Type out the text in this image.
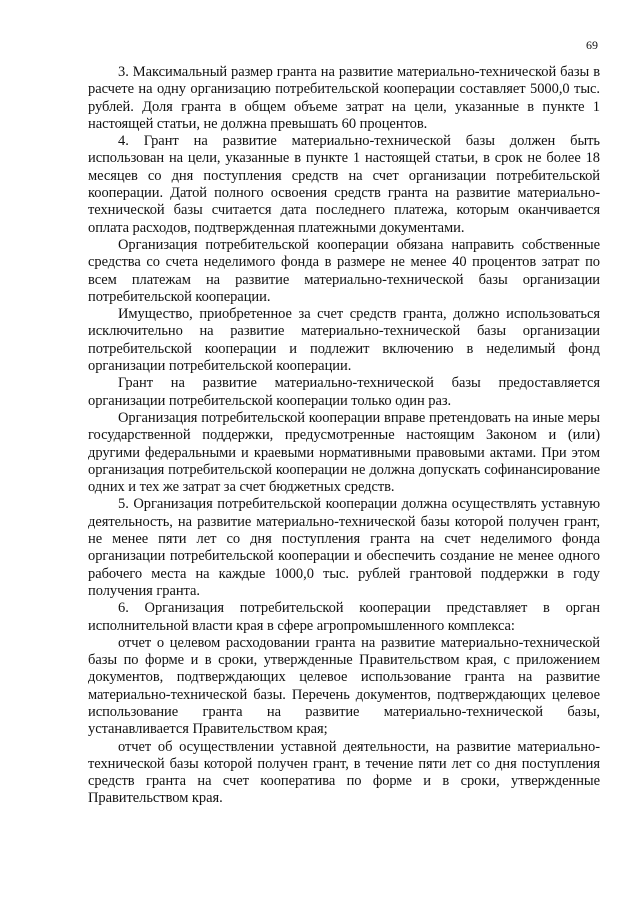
69

3. Максимальный размер гранта на развитие материально-технической базы в расчете на одну организацию потребительской кооперации составляет 5000,0 тыс. рублей. Доля гранта в общем объеме затрат на цели, указанные в пункте 1 настоящей статьи, не должна превышать 60 процентов.

4. Грант на развитие материально-технической базы должен быть использован на цели, указанные в пункте 1 настоящей статьи, в срок не более 18 месяцев со дня поступления средств на счет организации потребительской кооперации. Датой полного освоения средств гранта на развитие материально-технической базы считается дата последнего платежа, которым оканчивается оплата расходов, подтвержденная платежными документами.

Организация потребительской кооперации обязана направить собственные средства со счета неделимого фонда в размере не менее 40 процентов затрат по всем платежам на развитие материально-технической базы организации потребительской кооперации.

Имущество, приобретенное за счет средств гранта, должно использоваться исключительно на развитие материально-технической базы организации потребительской кооперации и подлежит включению в неделимый фонд организации потребительской кооперации.

Грант на развитие материально-технической базы предоставляется организации потребительской кооперации только один раз.

Организация потребительской кооперации вправе претендовать на иные меры государственной поддержки, предусмотренные настоящим Законом и (или) другими федеральными и краевыми нормативными правовыми актами. При этом организация потребительской кооперации не должна допускать софинансирование одних и тех же затрат за счет бюджетных средств.

5. Организация потребительской кооперации должна осуществлять уставную деятельность, на развитие материально-технической базы которой получен грант, не менее пяти лет со дня поступления гранта на счет неделимого фонда организации потребительской кооперации и обеспечить создание не менее одного рабочего места на каждые 1000,0 тыс. рублей грантовой поддержки в году получения гранта.

6. Организация потребительской кооперации представляет в орган исполнительной власти края в сфере агропромышленного комплекса:

отчет о целевом расходовании гранта на развитие материально-технической базы по форме и в сроки, утвержденные Правительством края, с приложением документов, подтверждающих целевое использование гранта на развитие материально-технической базы. Перечень документов, подтверждающих целевое использование гранта на развитие материально-технической базы, устанавливается Правительством края;

отчет об осуществлении уставной деятельности, на развитие материально-технической базы которой получен грант, в течение пяти лет со дня поступления средств гранта на счет кооператива по форме и в сроки, утвержденные Правительством края.
